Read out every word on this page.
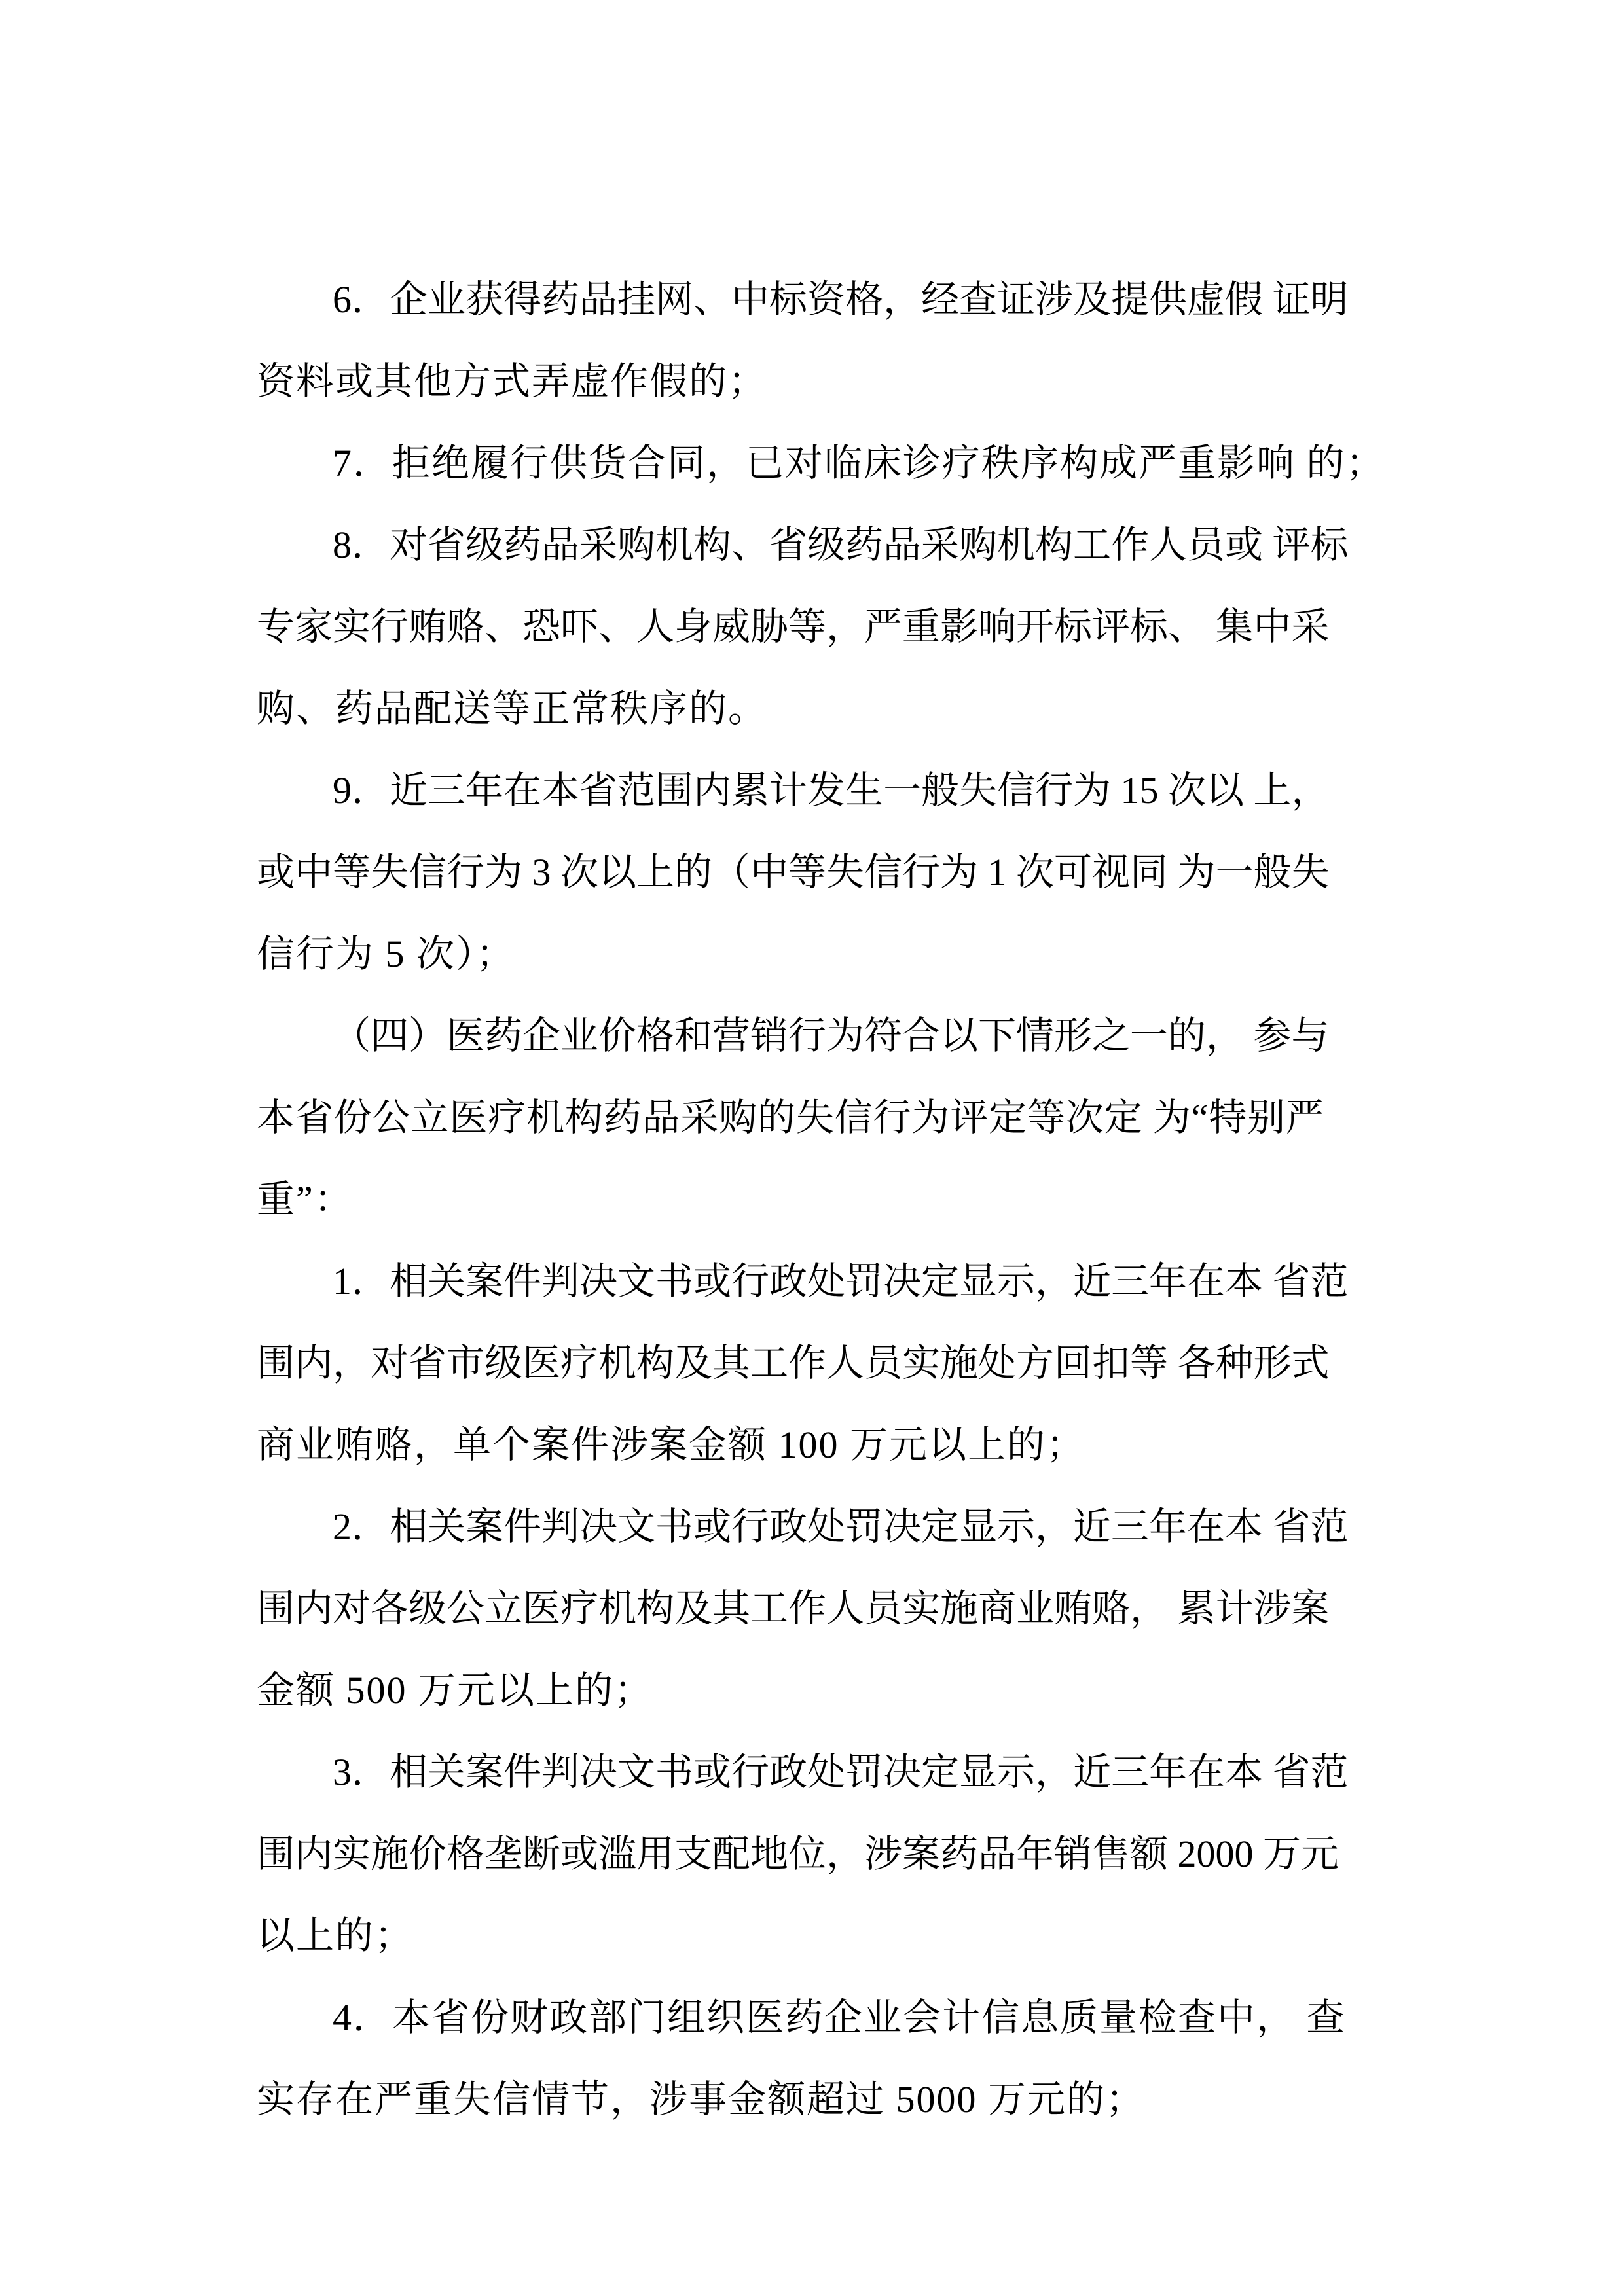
6．企业获得药品挂网、中标资格，经查证涉及提供虚假 证明
资料或其他方式弄虚作假的；
7．拒绝履行供货合同，已对临床诊疗秩序构成严重影响 的；
8．对省级药品采购机构、省级药品采购机构工作人员或 评标
专家实行贿赂、恐吓、人身威胁等，严重影响开标评标、 集中采
购、药品配送等正常秩序的。
9．近三年在本省范围内累计发生一般失信行为 15 次以 上，
或中等失信行为 3 次以上的（中等失信行为 1 次可视同 为一般失
信行为 5 次）；
（四）医药企业价格和营销行为符合以下情形之一的， 参与
本省份公立医疗机构药品采购的失信行为评定等次定 为“特别严
重”：
1．相关案件判决文书或行政处罚决定显示，近三年在本 省范
围内，对省市级医疗机构及其工作人员实施处方回扣等 各种形式
商业贿赂，单个案件涉案金额 100 万元以上的；
2．相关案件判决文书或行政处罚决定显示，近三年在本 省范
围内对各级公立医疗机构及其工作人员实施商业贿赂， 累计涉案
金额 500 万元以上的；
3．相关案件判决文书或行政处罚决定显示，近三年在本 省范
围内实施价格垄断或滥用支配地位，涉案药品年销售额 2000 万元
以上的；
4．本省份财政部门组织医药企业会计信息质量检查中， 查
实存在严重失信情节，涉事金额超过 5000 万元的；
